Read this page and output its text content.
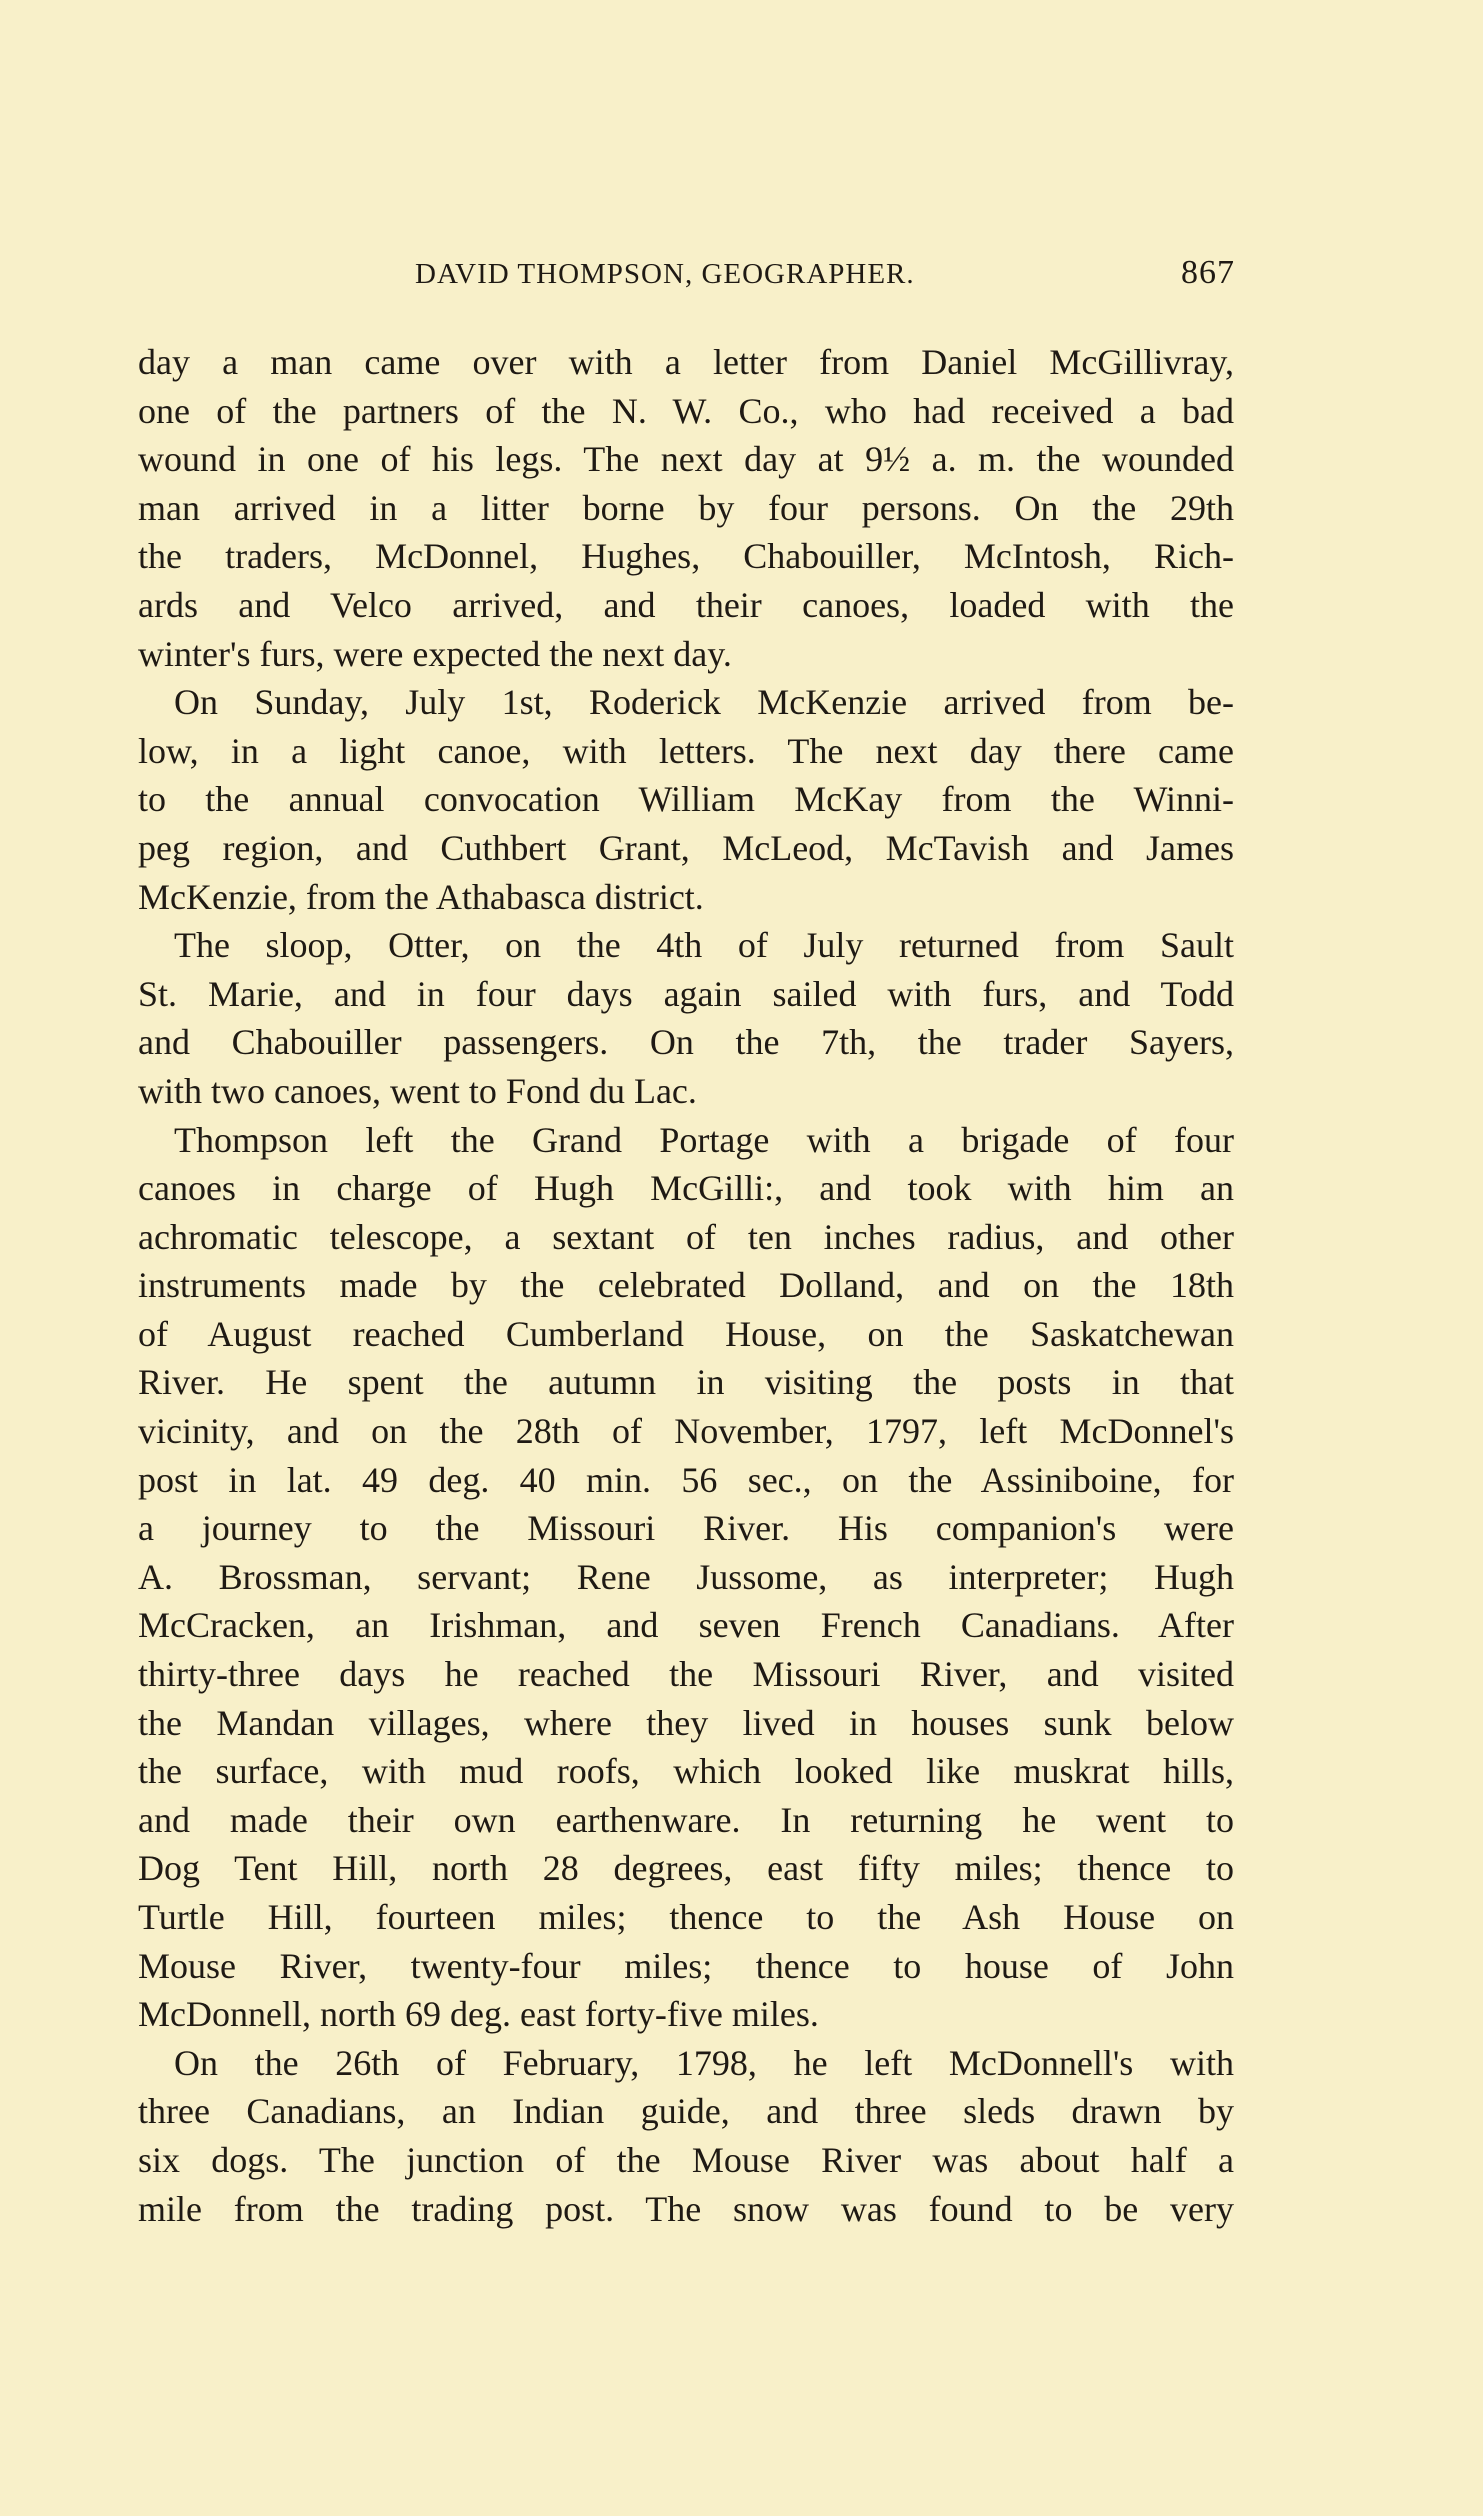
DAVID THOMPSON, GEOGRAPHER.	867
day a man came over with a letter from Daniel McGillivray,
one of the partners of the N. W. Co., who had received a bad
wound in one of his legs. The next day at 9½ a. m. the wounded
man arrived in a litter borne by four persons. On the 29th
the traders, McDonnel, Hughes, Chabouiller, McIntosh, Rich-
ards and Velco arrived, and their canoes, loaded with the
winter's furs, were expected the next day.
On Sunday, July 1st, Roderick McKenzie arrived from be-
low, in a light canoe, with letters. The next day there came
to the annual convocation William McKay from the Winni-
peg region, and Cuthbert Grant, McLeod, McTavish and James
McKenzie, from the Athabasca district.
The sloop, Otter, on the 4th of July returned from Sault
St. Marie, and in four days again sailed with furs, and Todd
and Chabouiller passengers. On the 7th, the trader Sayers,
with two canoes, went to Fond du Lac.
Thompson left the Grand Portage with a brigade of four
canoes in charge of Hugh McGilli:, and took with him an
achromatic telescope, a sextant of ten inches radius, and other
instruments made by the celebrated Dolland, and on the 18th
of August reached Cumberland House, on the Saskatchewan
River. He spent the autumn in visiting the posts in that
vicinity, and on the 28th of November, 1797, left McDonnel's
post in lat. 49 deg. 40 min. 56 sec., on the Assiniboine, for
a journey to the Missouri River. His companion's were
A. Brossman, servant; Rene Jussome, as interpreter; Hugh
McCracken, an Irishman, and seven French Canadians. After
thirty-three days he reached the Missouri River, and visited
the Mandan villages, where they lived in houses sunk below
the surface, with mud roofs, which looked like muskrat hills,
and made their own earthenware. In returning he went to
Dog Tent Hill, north 28 degrees, east fifty miles; thence to
Turtle Hill, fourteen miles; thence to the Ash House on
Mouse River, twenty-four miles; thence to house of John
McDonnell, north 69 deg. east forty-five miles.
On the 26th of February, 1798, he left McDonnell's with
three Canadians, an Indian guide, and three sleds drawn by
six dogs. The junction of the Mouse River was about half a
mile from the trading post. The snow was found to be very
